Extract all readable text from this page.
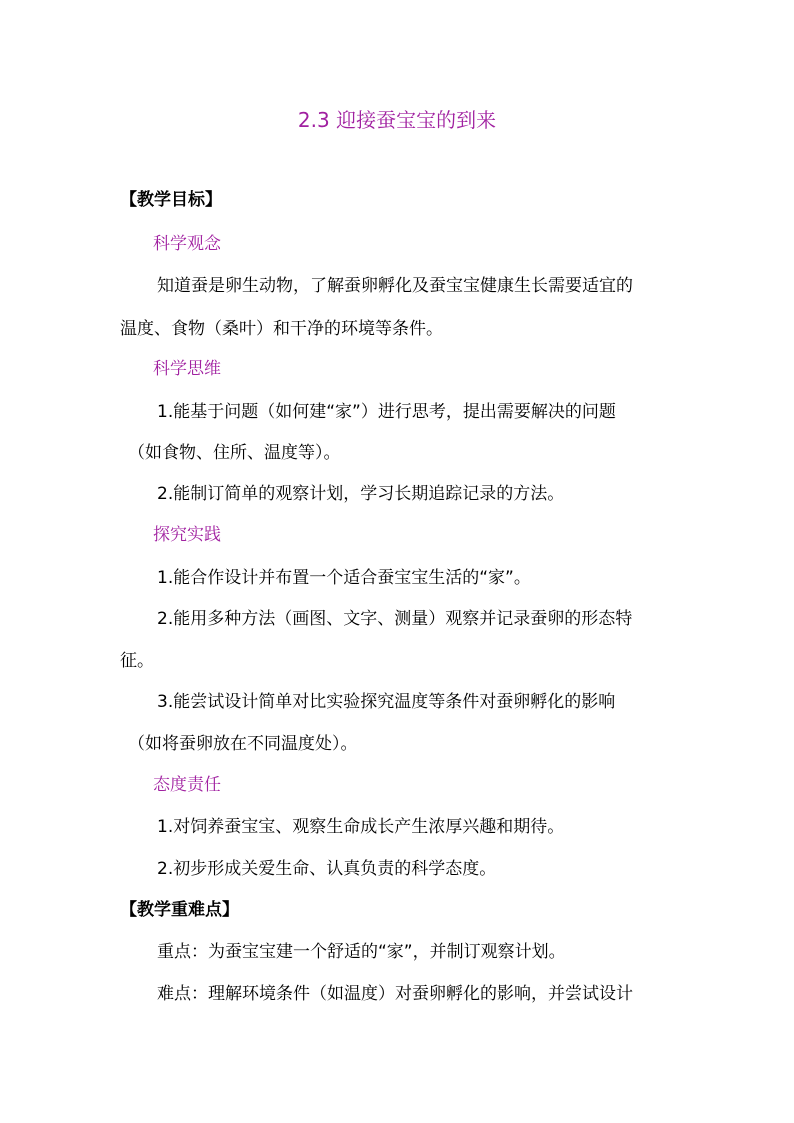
2.3 迎接蚕宝宝的到来
【教学目标】
科学观念
知道蚕是卵生动物，了解蚕卵孵化及蚕宝宝健康生长需要适宜的
温度、食物（桑叶）和干净的环境等条件。
科学思维
1.能基于问题（如何建“家”）进行思考，提出需要解决的问题
（如食物、住所、温度等）。
2.能制订简单的观察计划，学习长期追踪记录的方法。
探究实践
1.能合作设计并布置一个适合蚕宝宝生活的“家”。
2.能用多种方法（画图、文字、测量）观察并记录蚕卵的形态特
征。
3.能尝试设计简单对比实验探究温度等条件对蚕卵孵化的影响
（如将蚕卵放在不同温度处）。
态度责任
1.对饲养蚕宝宝、观察生命成长产生浓厚兴趣和期待。
2.初步形成关爱生命、认真负责的科学态度。
【教学重难点】
重点：为蚕宝宝建一个舒适的“家”，并制订观察计划。
难点：理解环境条件（如温度）对蚕卵孵化的影响，并尝试设计
